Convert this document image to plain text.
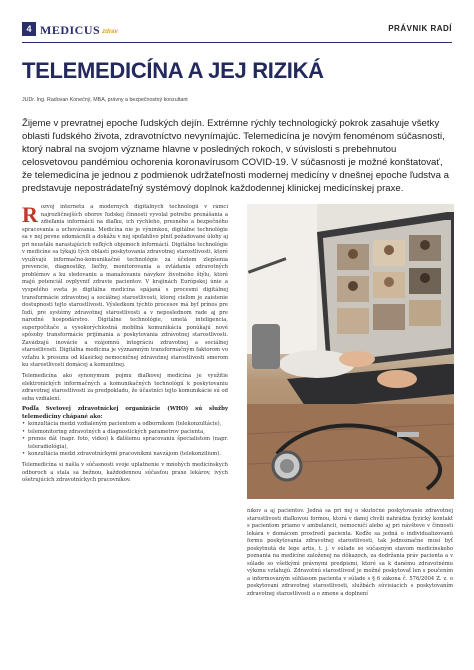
4 MEDICUS zdrav	PRÁVNIK RADÍ
TELEMEDICÍNA A JEJ RIZIKÁ
JUDr. Ing. Radovan Konečný, MBA, právny a bezpečnostný konzultant

Žijeme v prevratnej epoche ľudských dejín. Extrémne rýchly technologický pokrok zasahuje všetky oblasti ľudského života, zdravotníctvo nevynímajúc. Telemedicína je novým fenoménom súčasnosti, ktorý nabral na svojom význame hlavne v posledných rokoch, v súvislosti s prebehnutou celosvetovou pandémiou ochorenia koronavírusom COVID-19. V súčasnosti je možné konštatovať, že telemedicína je jednou z podmienok udržateľnosti modernej medicíny v dnešnej epoche ľudstva a predstavuje nepostrádateľný systémový doplnok každodennej klinickej medicínskej praxe.

Rozvoj internetu a moderných digitálnych technológií v rámci najrozličnejších oborov ľudskej činnosti vyvolal potrebu prenášania a zdieľania informácií na diaľku, ich rýchleho, presného a bezpečného spracovania a uchovávania. Medicína nie je výnimkou, digitálne technológie sa v nej pevne udomácnili a dokážu v nej spoľahlivo plniť požadované úlohy aj pri neustále narastajúcich veľkých objemoch informácií. Digitálne technológie v medicíne sa týkajú tých oblastí poskytovania zdravotnej starostlivosti, ktoré využívajú informačno-komunikačné technológie za účelom zlepšenia prevencie, diagnostiky, liečby, monitorovania a zvládania zdravotných problémov a ku sledovaniu a manažovaniu návykov životného štýlu, ktoré majú potenciál ovplyvniť zdravie pacientov. V krajinách Európskej únie a vyspelého sveta je digitálna medicína spájaná s procesmi digitálnej transformácie zdravotnej a sociálnej starostlivosti, ktorej cieľom je zaistenie dostupnosti tejto starostlivosti. Výsledkom týchto procesov má byť prínos pre ľudí, pre systémy zdravotnej starostlivosti a v neposlednom rade aj pre národné hospodárstvo. Digitálne technológie, umelá inteligencia, superpočítače a vysokorýchlostná mobilná komunikácia ponúkajú nové spôsoby transformácie prijímania a poskytovania zdravotnej starostlivosti. Zavádzajú inovácie a vzájomnú integráciu zdravotnej a sociálnej starostlivosti. Digitálna medicína je významným transformačným faktorom vo vzťahu k presunu od klasickej nemocničnej zdravotnej starostlivosti smerom ku starostlivosti domácej a komunitnej.

Telemedicína ako synonymum pojmu diaľkovej medicína je využitie elektronických informačných a komunikačných technológií k poskytovaniu zdravotnej starostlivosti za predpokladu, že účastníci tejto komunikácie sú od seba vzdialení.

Podľa Svetovej zdravotníckej organizácie (WHO) sú služby telemedicíny chápané ako:
• konzultácia medzi vzdialeným pacientom a odborníkom (telekonzultácie),
• telemonitoring zdravotných a diagnostických parametrov pacienta,
• prenos dát (napr. foto, video) k ďalšiemu spracovaniu špecialistom (napr. teleradiológia),
• konzultácia medzi zdravotníckymi pracovníkmi navzájom (telekonzilium).

Telemedicína si našla v súčasnosti svoje uplatnenie v mnohých medicínskych odboroch a stala sa bežnou, každodennou súčasťou praxe lekárov, ivých ošetrujúcich zdravotníckych pracovníkov.

níkov a aj pacientov. Jedná sa pri nej o skutočné poskytovanie zdravotnej starostlivosti diaľkovou formou, ktorá v danej chvíli nahrádza fyzický kontakt s pacientom priamo v ambulancii, nemocničí alebo aj pri návšteve v činnosti lekára v domácom prostredí pacienta. Keďže sa jedná o individualizovanú formu poskytovania zdravotnej starostlivosti, tak jednoznačne musí byť poskytnutá de lege artis, t. j. v súlade so súčasným stavom medicínskeho poznania na medicíne založenej na dôkazoch, za dodržania práv pacienta a v súlade so všetkými právnymi predpismi, ktoré sa k danému zdravotnému výkonu vzťahujú. Zdravotnú starostlivosť je možné poskytovať len s poučením a informovaným súhlasom pacienta v súlade s § 6 zákona č. 576/2004 Z. z. o poskytovaní zdravotnej starostlivosti, službách súvisiacich s poskytovaním zdravotnej starostlivosti a o zmene a doplnení
